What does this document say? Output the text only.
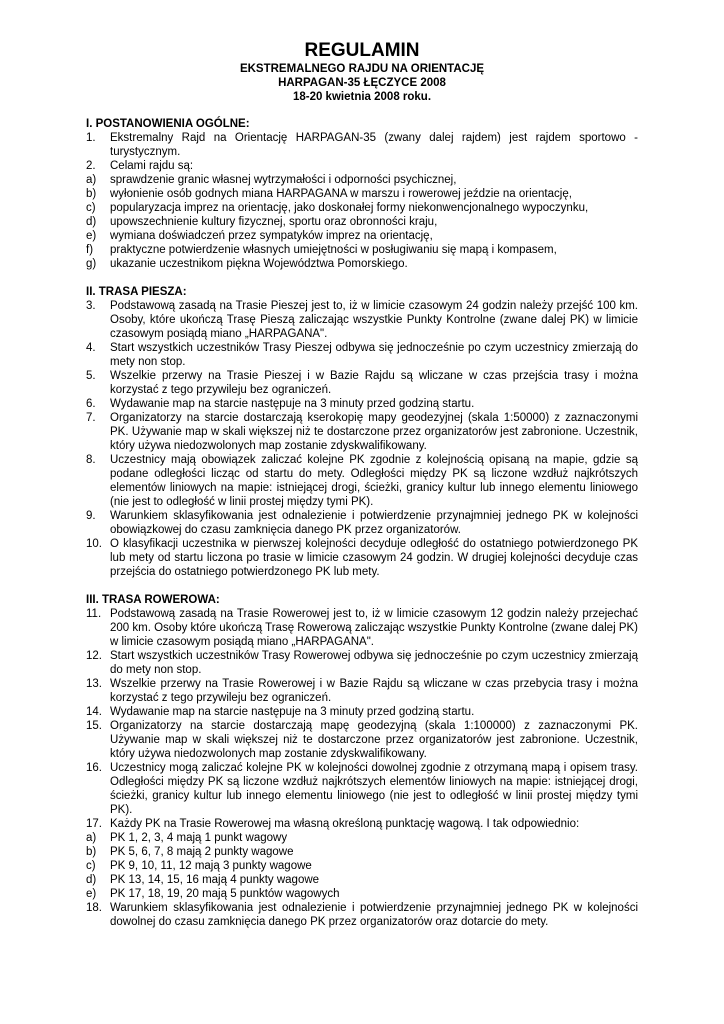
REGULAMIN
EKSTREMALNEGO RAJDU NA ORIENTACJĘ
HARPAGAN-35 ŁĘCZYCE 2008
18-20 kwietnia 2008 roku.
I. POSTANOWIENIA OGÓLNE:
1. Ekstremalny Rajd na Orientację HARPAGAN-35 (zwany dalej rajdem) jest rajdem sportowo -turystycznym.
2. Celami rajdu są:
a) sprawdzenie granic własnej wytrzymałości i odporności psychicznej,
b) wyłonienie osób godnych miana HARPAGANA w marszu i rowerowej jeździe na orientację,
c) popularyzacja imprez na orientację, jako doskonałej formy niekonwencjonalnego wypoczynku,
d) upowszechnienie kultury fizycznej, sportu oraz obronności kraju,
e) wymiana doświadczeń przez sympatyków imprez na orientację,
f) praktyczne potwierdzenie własnych umiejętności w posługiwaniu się mapą i kompasem,
g) ukazanie uczestnikom piękna Województwa Pomorskiego.
II. TRASA PIESZA:
3. Podstawową zasadą na Trasie Pieszej jest to, iż w limicie czasowym 24 godzin należy przejść 100 km. Osoby, które ukończą Trasę Pieszą zaliczając wszystkie Punkty Kontrolne (zwane dalej PK) w limicie czasowym posiądą miano „HARPAGANA".
4. Start wszystkich uczestników Trasy Pieszej odbywa się jednocześnie po czym uczestnicy zmierzają do mety non stop.
5. Wszelkie przerwy na Trasie Pieszej i w Bazie Rajdu są wliczane w czas przejścia trasy i można korzystać z tego przywileju bez ograniczeń.
6. Wydawanie map na starcie następuje na 3 minuty przed godziną startu.
7. Organizatorzy na starcie dostarczają kserokopię mapy geodezyjnej (skala 1:50000) z zaznaczonymi PK. Używanie map w skali większej niż te dostarczone przez organizatorów jest zabronione. Uczestnik, który używa niedozwolonych map zostanie zdyskwalifikowany.
8. Uczestnicy mają obowiązek zaliczać kolejne PK zgodnie z kolejnością opisaną na mapie, gdzie są podane odległości licząc od startu do mety. Odległości między PK są liczone wzdłuż najkrótszych elementów liniowych na mapie: istniejącej drogi, ścieżki, granicy kultur lub innego elementu liniowego (nie jest to odległość w linii prostej między tymi PK).
9. Warunkiem sklasyfikowania jest odnalezienie i potwierdzenie przynajmniej jednego PK w kolejności obowiązkowej do czasu zamknięcia danego PK przez organizatorów.
10. O klasyfikacji uczestnika w pierwszej kolejności decyduje odległość do ostatniego potwierdzonego PK lub mety od startu liczona po trasie w limicie czasowym 24 godzin. W drugiej kolejności decyduje czas przejścia do ostatniego potwierdzonego PK lub mety.
III. TRASA ROWEROWA:
11. Podstawową zasadą na Trasie Rowerowej jest to, iż w limicie czasowym 12 godzin należy przejechać 200 km. Osoby które ukończą Trasę Rowerową zaliczając wszystkie Punkty Kontrolne (zwane dalej PK) w limicie czasowym posiądą miano „HARPAGANA".
12. Start wszystkich uczestników Trasy Rowerowej odbywa się jednocześnie po czym uczestnicy zmierzają do mety non stop.
13. Wszelkie przerwy na Trasie Rowerowej i w Bazie Rajdu są wliczane w czas przebycia trasy i można korzystać z tego przywileju bez ograniczeń.
14. Wydawanie map na starcie następuje na 3 minuty przed godziną startu.
15. Organizatorzy na starcie dostarczają mapę geodezyjną (skala 1:100000) z zaznaczonymi PK. Używanie map w skali większej niż te dostarczone przez organizatorów jest zabronione. Uczestnik, który używa niedozwolonych map zostanie zdyskwalifikowany.
16. Uczestnicy mogą zaliczać kolejne PK w kolejności dowolnej zgodnie z otrzymaną mapą i opisem trasy. Odległości między PK są liczone wzdłuż najkrótszych elementów liniowych na mapie: istniejącej drogi, ścieżki, granicy kultur lub innego elementu liniowego (nie jest to odległość w linii prostej między tymi PK).
17. Każdy PK na Trasie Rowerowej ma własną określoną punktację wagową. I tak odpowiednio:
a) PK 1, 2, 3, 4 mają 1 punkt wagowy
b) PK 5, 6, 7, 8 mają 2 punkty wagowe
c) PK 9, 10, 11, 12 mają 3 punkty wagowe
d) PK 13, 14, 15, 16 mają 4 punkty wagowe
e) PK 17, 18, 19, 20 mają 5 punktów wagowych
18. Warunkiem sklasyfikowania jest odnalezienie i potwierdzenie przynajmniej jednego PK w kolejności dowolnej do czasu zamknięcia danego PK przez organizatorów oraz dotarcie do mety.
